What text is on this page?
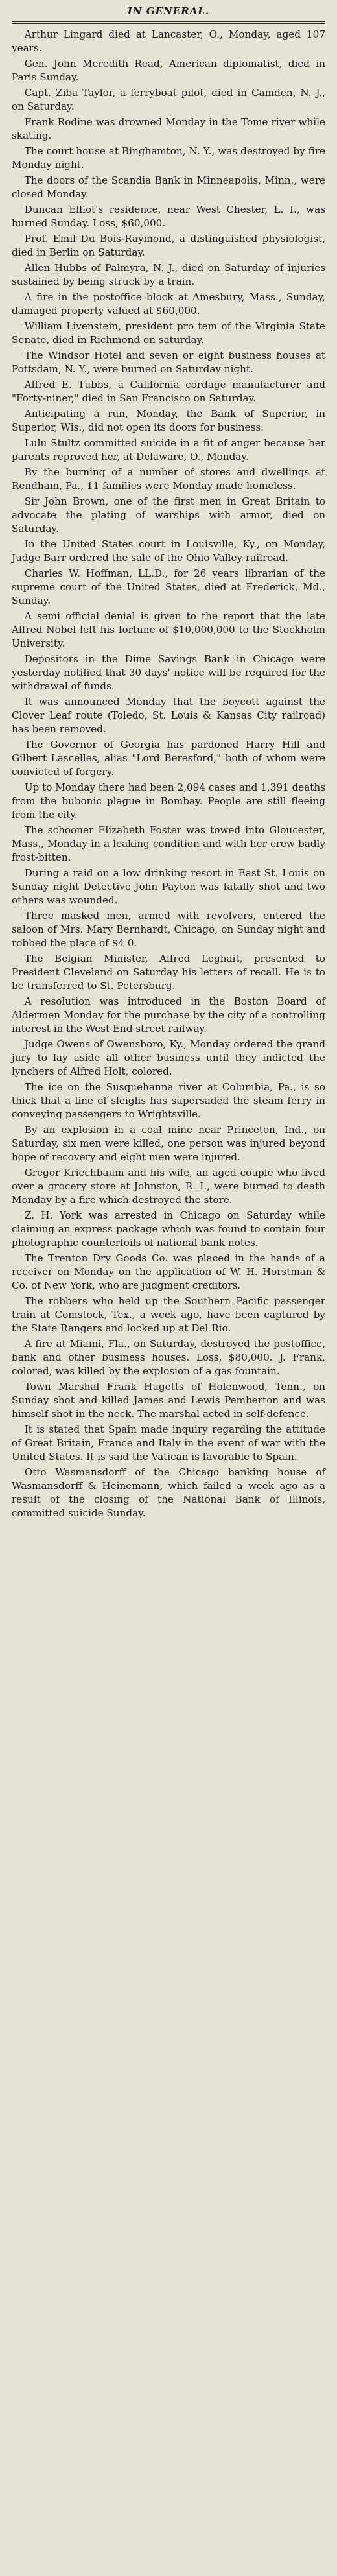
IN GENERAL.

Arthur Lingard died at Lancaster, O., Monday, aged 107 years.

Gen. John Meredith Read, American diplomatist, died in Paris Sunday.

Capt. Ziba Taylor, a ferryboat pilot, died in Camden, N. J., on Saturday.

Frank Rodine was drowned Monday in the Tome river while skating.

The court house at Binghamton, N. Y., was destroyed by fire Monday night.

The doors of the Scandia Bank in Minneapolis, Minn., were closed Monday.

Duncan Elliot's residence, near West Chester, L. I., was burned Sunday. Loss, $60,000.

Prof. Emil Du Bois-Raymond, a distinguished physiologist, died in Berlin on Saturday.

Allen Hubbs of Palmyra, N. J., died on Saturday of injuries sustained by being struck by a train.

A fire in the postoffice block at Amesbury, Mass., Sunday, damaged property valued at $60,000.

William Livenstein, president pro tem of the Virginia State Senate, died in Richmond on saturday.

The Windsor Hotel and seven or eight business houses at Pottsdam, N. Y., were burned on Saturday night.

Alfred E. Tubbs, a California cordage manufacturer and "Forty-niner," died in San Francisco on Saturday.

Anticipating a run, Monday, the Bank of Superior, in Superior, Wis., did not open its doors for business.

Lulu Stultz committed suicide in a fit of anger because her parents reproved her, at Delaware, O., Monday.

By the burning of a number of stores and dwellings at Rendham, Pa., 11 families were Monday made homeless.

Sir John Brown, one of the first men in Great Britain to advocate the plating of warships with armor, died on Saturday.

In the United States court in Louisville, Ky., on Monday, Judge Barr ordered the sale of the Ohio Valley railroad.

Charles W. Hoffman, LL.D., for 26 years librarian of the supreme court of the United States, died at Frederick, Md., Sunday.

A semi official denial is given to the report that the late Alfred Nobel left his fortune of $10,000,000 to the Stockholm University.

Depositors in the Dime Savings Bank in Chicago were yesterday notified that 30 days' notice will be required for the withdrawal of funds.

It was announced Monday that the boycott against the Clover Leaf route (Toledo, St. Louis & Kansas City railroad) has been removed.

The Governor of Georgia has pardoned Harry Hill and Gilbert Lascelles, alias "Lord Beresford," both of whom were convicted of forgery.

Up to Monday there had been 2,094 cases and 1,391 deaths from the bubonic plague in Bombay. People are still fleeing from the city.

The schooner Elizabeth Foster was towed into Gloucester, Mass., Monday in a leaking condition and with her crew badly frost-bitten.

During a raid on a low drinking resort in East St. Louis on Sunday night Detective John Payton was fatally shot and two others was wounded.

Three masked men, armed with revolvers, entered the saloon of Mrs. Mary Bernhardt, Chicago, on Sunday night and robbed the place of $4 0.

The Belgian Minister, Alfred Leghait, presented to President Cleveland on Saturday his letters of recall. He is to be transferred to St. Petersburg.

A resolution was introduced in the Boston Board of Aldermen Monday for the purchase by the city of a controlling interest in the West End street railway.

Judge Owens of Owensboro, Ky., Monday ordered the grand jury to lay aside all other business until they indicted the lynchers of Alfred Holt, colored.

The ice on the Susquehanna river at Columbia, Pa., is so thick that a line of sleighs has supersaded the steam ferry in conveying passengers to Wrightsville.

By an explosion in a coal mine near Princeton, Ind., on Saturday, six men were killed, one person was injured beyond hope of recovery and eight men were injured.

Gregor Kriechbaum and his wife, an aged couple who lived over a grocery store at Johnston, R. I., were burned to death Monday by a fire which destroyed the store.

Z. H. York was arrested in Chicago on Saturday while claiming an express package which was found to contain four photographic counterfoils of national bank notes.

The Trenton Dry Goods Co. was placed in the hands of a receiver on Monday on the application of W. H. Horstman & Co. of New York, who are judgment creditors.

The robbers who held up the Southern Pacific passenger train at Comstock, Tex., a week ago, have been captured by the State Rangers and locked up at Del Rio.

A fire at Miami, Fla., on Saturday, destroyed the postoffice, bank and other business houses. Loss, $80,000. J. Frank, colored, was killed by the explosion of a gas fountain.

Town Marshal Frank Hugetts of Holenwood, Tenn., on Sunday shot and killed James and Lewis Pemberton and was himself shot in the neck. The marshal acted in self-defence.

It is stated that Spain made inquiry regarding the attitude of Great Britain, France and Italy in the event of war with the United States. It is said the Vatican is favorable to Spain.

Otto Wasmansdorff of the Chicago banking house of Wasmansdorff & Heinemann, which failed a week ago as a result of the closing of the National Bank of Illinois, committed suicide Sunday.
